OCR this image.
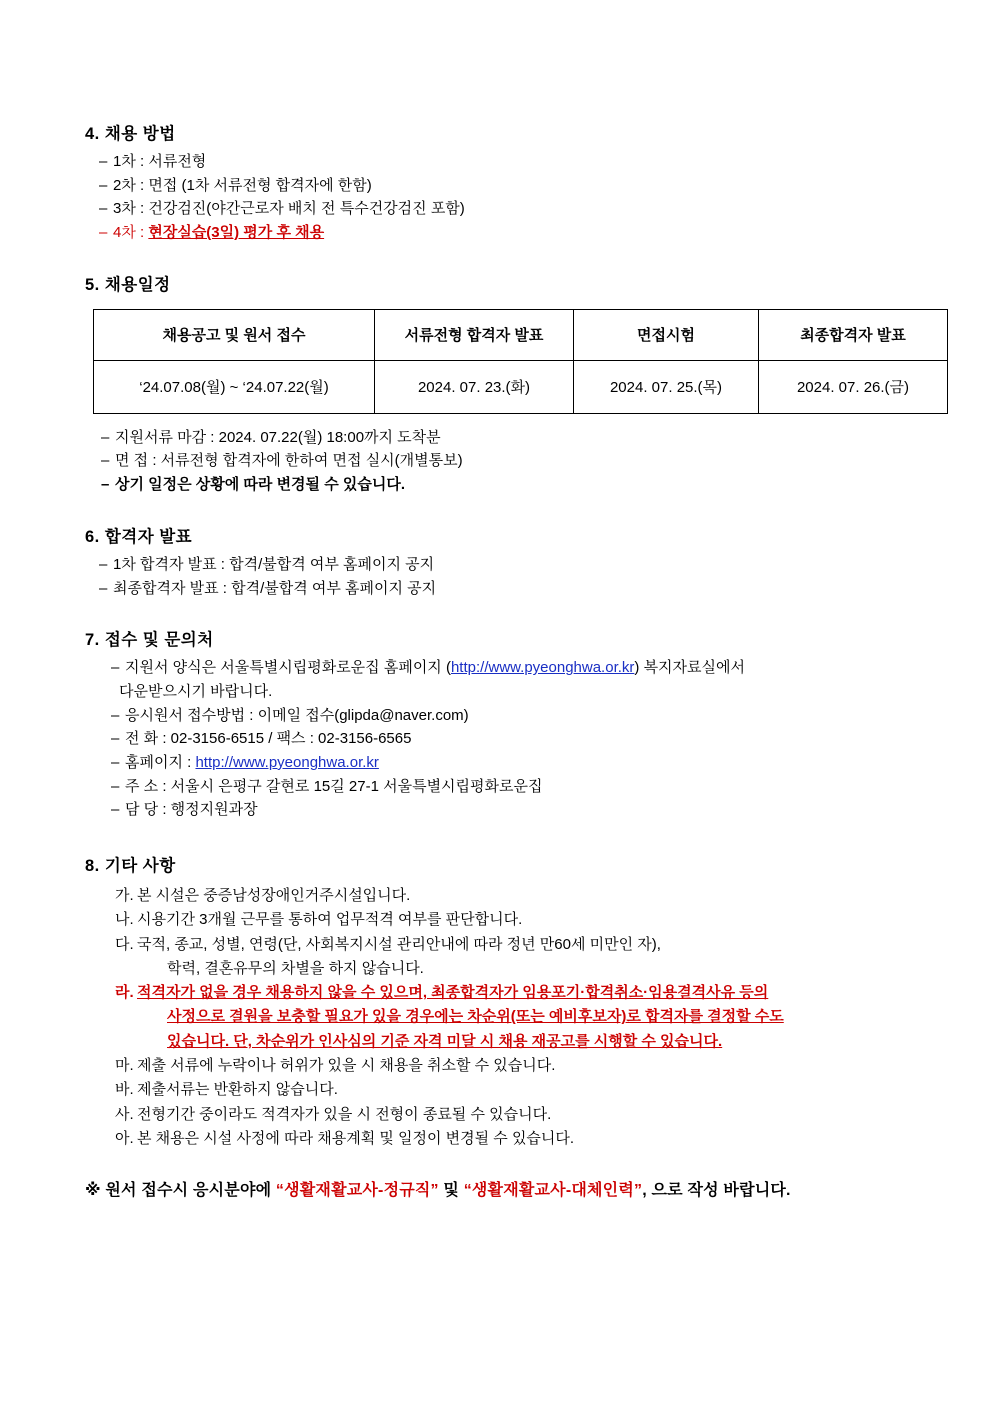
4. 채용 방법
– 1차 : 서류전형
– 2차 : 면접 (1차 서류전형 합격자에 한함)
– 3차 : 건강검진(야간근로자 배치 전 특수건강검진 포함)
– 4차 : 현장실습(3일) 평가 후 채용
5. 채용일정
채용공고 및 원서 접수	서류전형 합격자 발표	면접시험	최종합격자 발표
‘24.07.08(월) ~ ‘24.07.22(월)	2024. 07. 23.(화)	2024. 07. 25.(목)	2024. 07. 26.(금)
– 지원서류 마감 : 2024. 07.22(월) 18:00까지 도착분
– 면 접 : 서류전형 합격자에 한하여 면접 실시(개별통보)
– 상기 일정은 상황에 따라 변경될 수 있습니다.
6. 합격자 발표
– 1차 합격자 발표 : 합격/불합격 여부 홈페이지 공지
– 최종합격자 발표 : 합격/불합격 여부 홈페이지 공지
7. 접수 및 문의처
– 지원서 양식은 서울특별시립평화로운집 홈페이지 (http://www.pyeonghwa.or.kr) 복지자료실에서
다운받으시기 바랍니다.
– 응시원서 접수방법 : 이메일 접수(glipda@naver.com)
– 전 화 : 02-3156-6515 / 팩스 : 02-3156-6565
– 홈페이지 : http://www.pyeonghwa.or.kr
– 주 소 : 서울시 은평구 갈현로 15길 27-1 서울특별시립평화로운집
– 담 당 : 행정지원과장
8. 기타 사항
가. 본 시설은 중증남성장애인거주시설입니다.
나. 시용기간 3개월 근무를 통하여 업무적격 여부를 판단합니다.
다. 국적, 종교, 성별, 연령(단, 사회복지시설 관리안내에 따라 정년 만60세 미만인 자),
학력, 결혼유무의 차별을 하지 않습니다.
라. 적격자가 없을 경우 채용하지 않을 수 있으며, 최종합격자가 임용포기·합격취소·임용결격사유 등의
사정으로 결원을 보충할 필요가 있을 경우에는 차순위(또는 예비후보자)로 합격자를 결정할 수도
있습니다. 단, 차순위가 인사심의 기준 자격 미달 시 채용 재공고를 시행할 수 있습니다.
마. 제출 서류에 누락이나 허위가 있을 시 채용을 취소할 수 있습니다.
바. 제출서류는 반환하지 않습니다.
사. 전형기간 중이라도 적격자가 있을 시 전형이 종료될 수 있습니다.
아. 본 채용은 시설 사정에 따라 채용계획 및 일정이 변경될 수 있습니다.
※ 원서 접수시 응시분야에 “생활재활교사-정규직” 및 “생활재활교사-대체인력”, 으로 작성 바랍니다.
